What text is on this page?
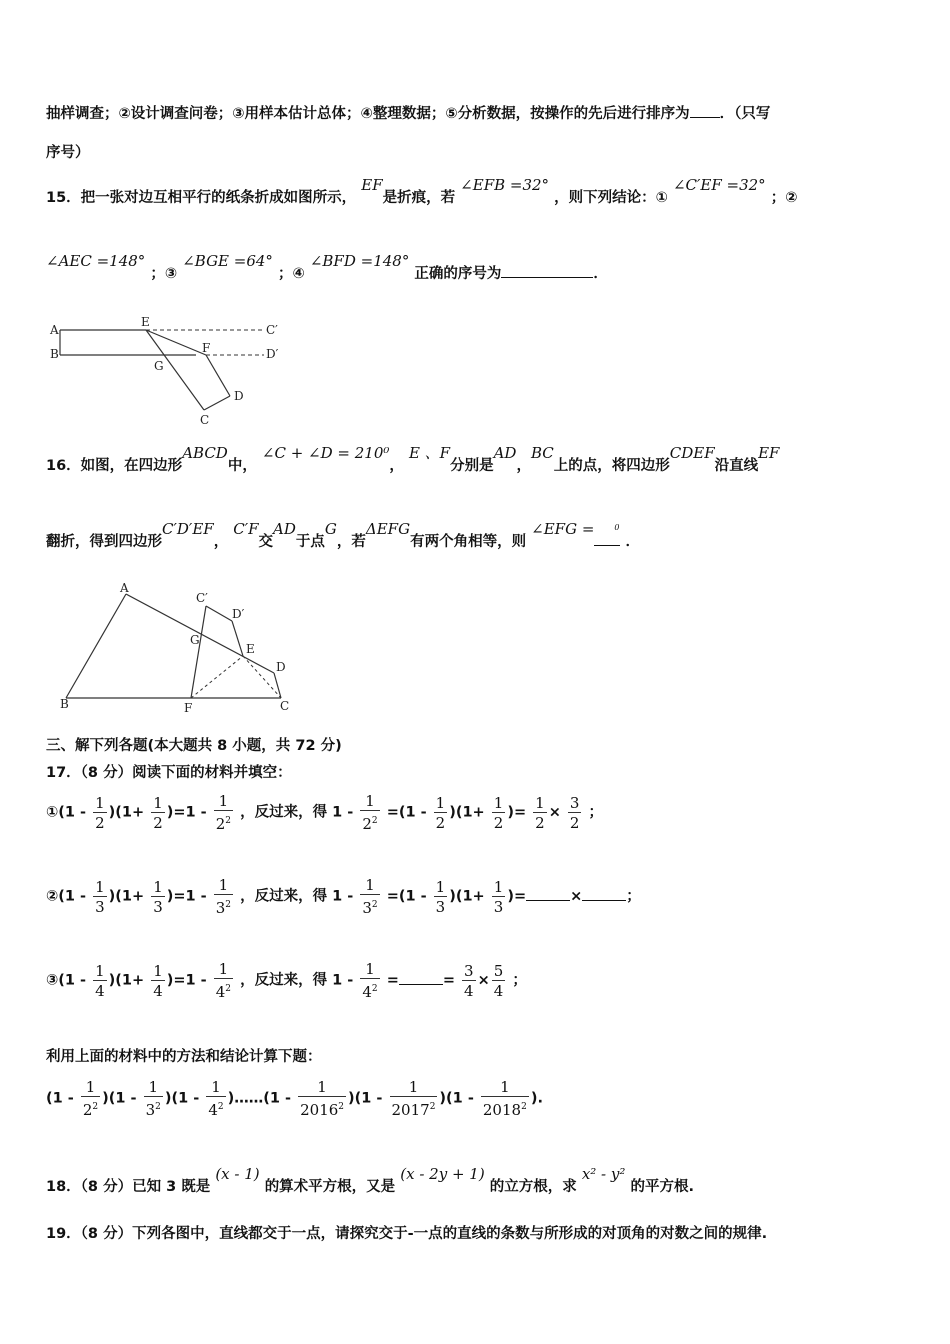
抽样调查；②设计调查问卷；③用样本估计总体；④整理数据；⑤分析数据，按操作的先后进行排序为 ．（只写
序号）
15．把一张对边互相平行的纸条折成如图所示， EF是折痕，若 ∠EFB =32° ，则下列结论：① ∠C′EF =32° ；②
∠AEC =148° ；③ ∠BGE =64° ；④ ∠BFD =148° 正确的序号为	．
A
B
E
F
G
C
D
C′
D′
16．如图，在四边形ABCD中， ∠C + ∠D = 210⁰， E 、F分别是AD，BC上的点，将四边形CDEF沿直线EF
翻折，得到四边形C′D′EF， C′F交AD于点G，若ΔEFG有两个角相等，则 ∠EFG =	$^0$．
A
B	C
D
E
F
G
C′
D′
三、解下列各题(本大题共 8 小题，共 72 分)
17．（8 分）阅读下面的材料并填空：
①(1 - $\frac{1}{2} )(1+ \frac{1}{2} )=1 - \frac{1}{2^2}$ ，反过来，得 $1 - \frac{1}{2^2} =(1 - \frac{1}{2} )(1+ \frac{1}{2}$ )= $\frac{1}{2} \times \frac{3}{2}$ ；
②(1 - $\frac{1}{3} )(1+ \frac{1}{3} )=1 - \frac{1}{3^2}$ ，反过来，得 $1 - \frac{1}{3^2} =(1 - \frac{1}{3} )(1+ \frac{1}{3}$ )=	×	；
③(1 - $\frac{1}{4} )(1+ \frac{1}{4} )=1 - \frac{1}{4^2}$ ，反过来，得 $1 - \frac{1}{4^2}$ =	= $\frac{3}{4} \times \frac{5}{4}$ ；
利用上面的材料中的方法和结论计算下题：
$(1 - \frac{1}{2^2} )(1 - \frac{1}{3^2} )(1 - \frac{1}{4^2}$ )……(1 - $\frac{1}{2016^2} )(1 - \frac{1}{2017^2} )(1 - \frac{1}{2018^2}$ ).
18．（8 分）已知 3 既是 (x - 1) 的算术平方根，又是 (x - 2y + 1) 的立方根，求 x² - y² 的平方根.
19．（8 分）下列各图中，直线都交于一点，请探究交于-一点的直线的条数与所形成的对顶角的对数之间的规律.
